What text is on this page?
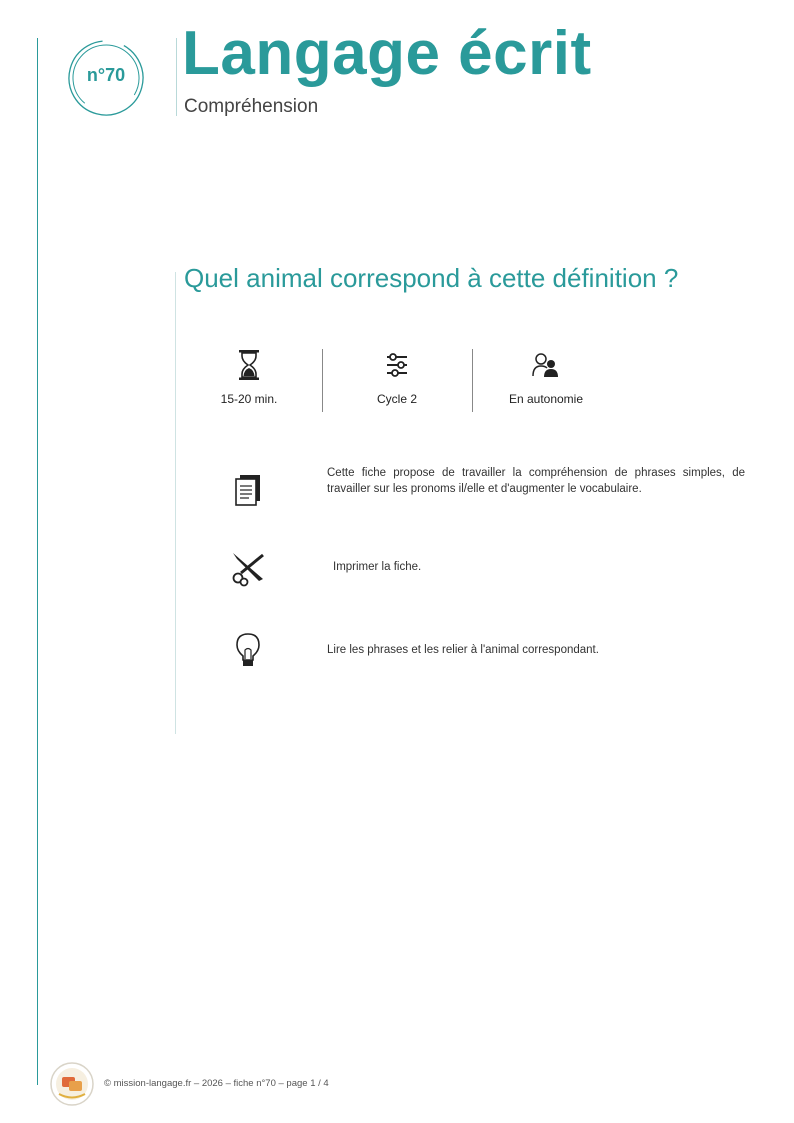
n°70 Langage écrit
Compréhension
Quel animal correspond à cette définition ?
15-20 min.	Cycle 2	En autonomie
Cette fiche propose de travailler la compréhension de phrases simples, de travailler sur les pronoms il/elle et d'augmenter le vocabulaire.
Imprimer la fiche.
Lire les phrases et les relier à l'animal correspondant.
© mission-langage.fr – 2026 – fiche n°70 – page 1 / 4
